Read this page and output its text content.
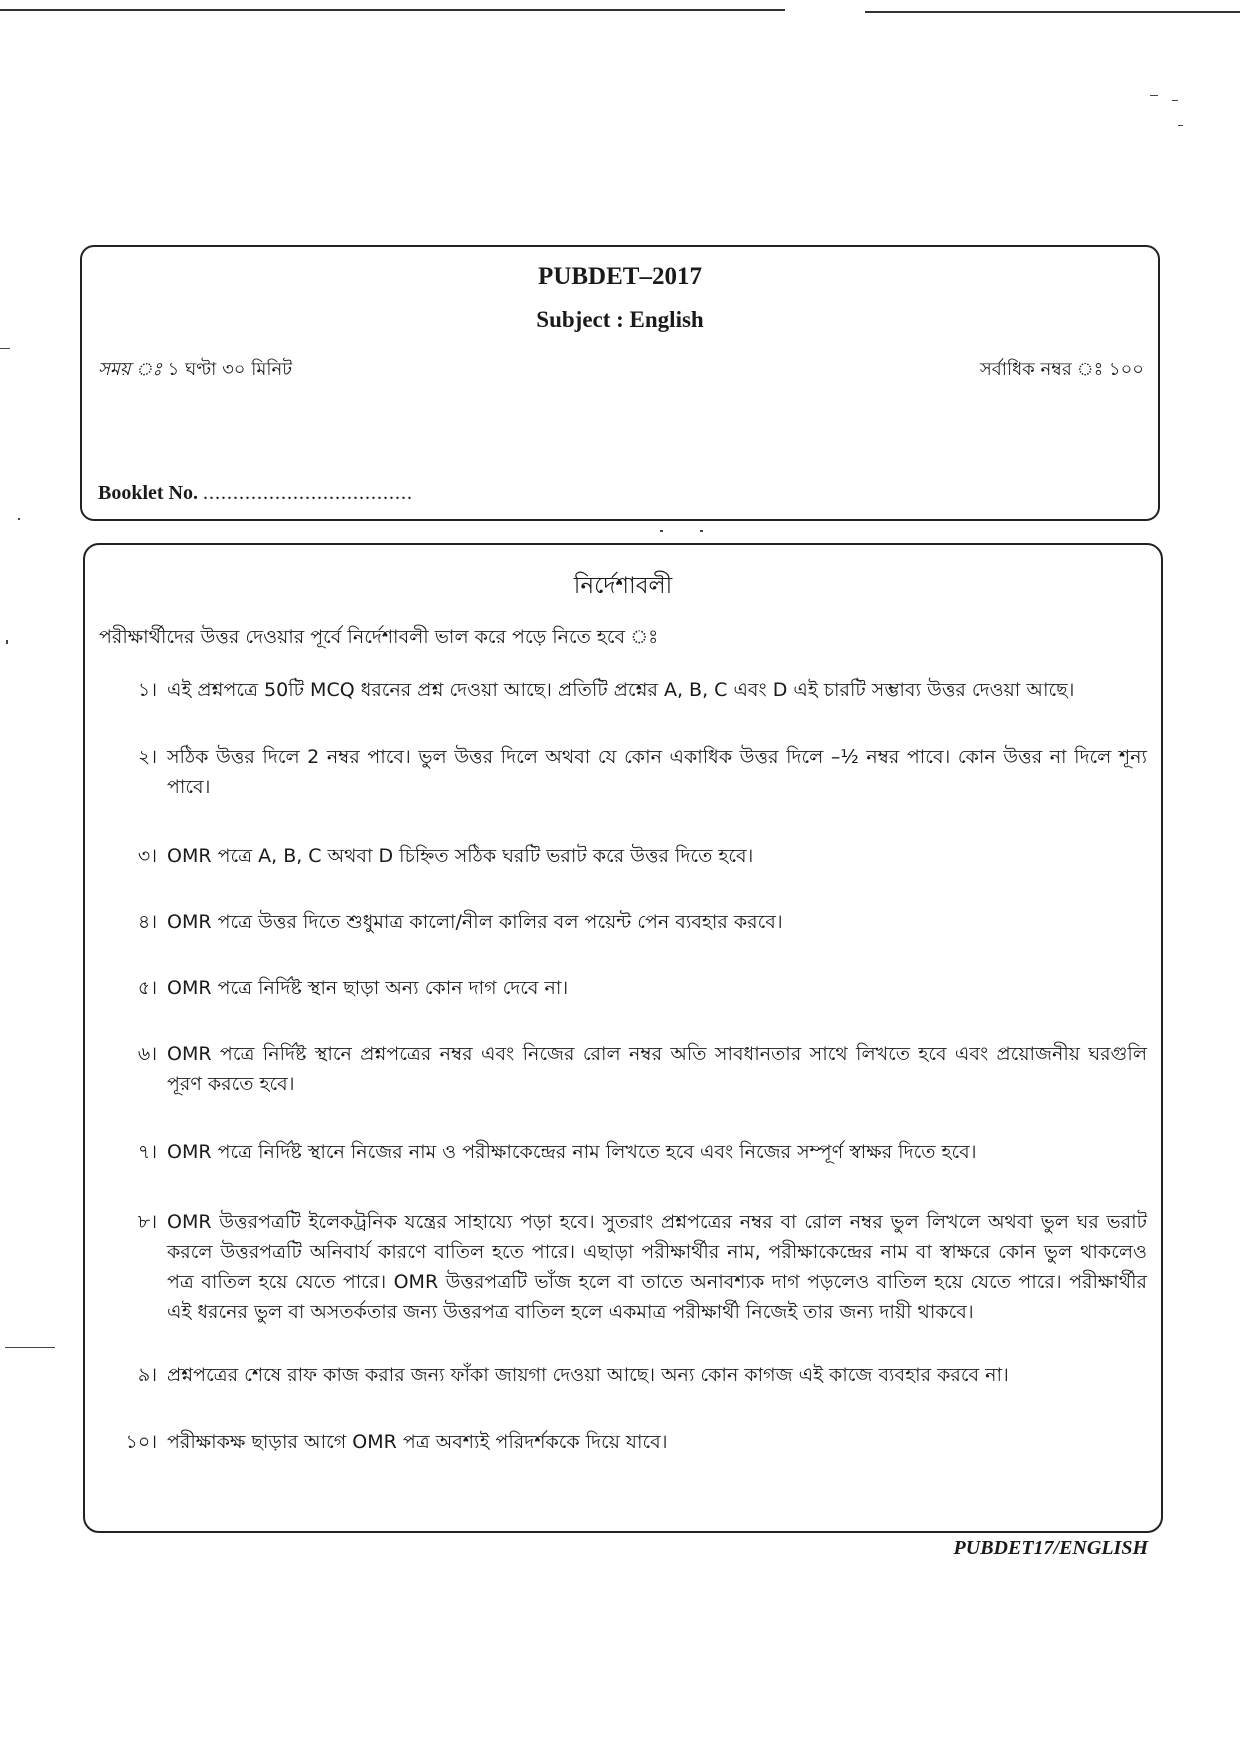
PUBDET–2017
Subject : English
সময় ঃ ১ ঘণ্টা ৩০ মিনিট	সর্বাধিক নম্বর ঃ ১০০
Booklet No. ...................................
নির্দেশাবলী
পরীক্ষার্থীদের উত্তর দেওয়ার পূর্বে নির্দেশাবলী ভাল করে পড়ে নিতে হবে ঃ
১। এই প্রশ্নপত্রে 50টি MCQ ধরনের প্রশ্ন দেওয়া আছে। প্রতিটি প্রশ্নের A, B, C এবং D এই চারটি সম্ভাব্য উত্তর দেওয়া আছে।
২। সঠিক উত্তর দিলে 2 নম্বর পাবে। ভুল উত্তর দিলে অথবা যে কোন একাধিক উত্তর দিলে –½ নম্বর পাবে। কোন উত্তর না দিলে শূন্য পাবে।
৩। OMR পত্রে A, B, C অথবা D চিহ্নিত সঠিক ঘরটি ভরাট করে উত্তর দিতে হবে।
৪। OMR পত্রে উত্তর দিতে শুধুমাত্র কালো/নীল কালির বল পয়েন্ট পেন ব্যবহার করবে।
৫। OMR পত্রে নির্দিষ্ট স্থান ছাড়া অন্য কোন দাগ দেবে না।
৬। OMR পত্রে নির্দিষ্ট স্থানে প্রশ্নপত্রের নম্বর এবং নিজের রোল নম্বর অতি সাবধানতার সাথে লিখতে হবে এবং প্রয়োজনীয় ঘরগুলি পূরণ করতে হবে।
৭। OMR পত্রে নির্দিষ্ট স্থানে নিজের নাম ও পরীক্ষাকেন্দ্রের নাম লিখতে হবে এবং নিজের সম্পূর্ণ স্বাক্ষর দিতে হবে।
৮। OMR উত্তরপত্রটি ইলেকট্রনিক যন্ত্রের সাহায্যে পড়া হবে। সুতরাং প্রশ্নপত্রের নম্বর বা রোল নম্বর ভুল লিখলে অথবা ভুল ঘর ভরাট করলে উত্তরপত্রটি অনিবার্য কারণে বাতিল হতে পারে। এছাড়া পরীক্ষার্থীর নাম, পরীক্ষাকেন্দ্রের নাম বা স্বাক্ষরে কোন ভুল থাকলেও পত্র বাতিল হয়ে যেতে পারে। OMR উত্তরপত্রটি ভাঁজ হলে বা তাতে অনাবশ্যক দাগ পড়লেও বাতিল হয়ে যেতে পারে। পরীক্ষার্থীর এই ধরনের ভুল বা অসতর্কতার জন্য উত্তরপত্র বাতিল হলে একমাত্র পরীক্ষার্থী নিজেই তার জন্য দায়ী থাকবে।
৯। প্রশ্নপত্রের শেষে রাফ কাজ করার জন্য ফাঁকা জায়গা দেওয়া আছে। অন্য কোন কাগজ এই কাজে ব্যবহার করবে না।
১০। পরীক্ষাকক্ষ ছাড়ার আগে OMR পত্র অবশ্যই পরিদর্শককে দিয়ে যাবে।
PUBDET17/ENGLISH
